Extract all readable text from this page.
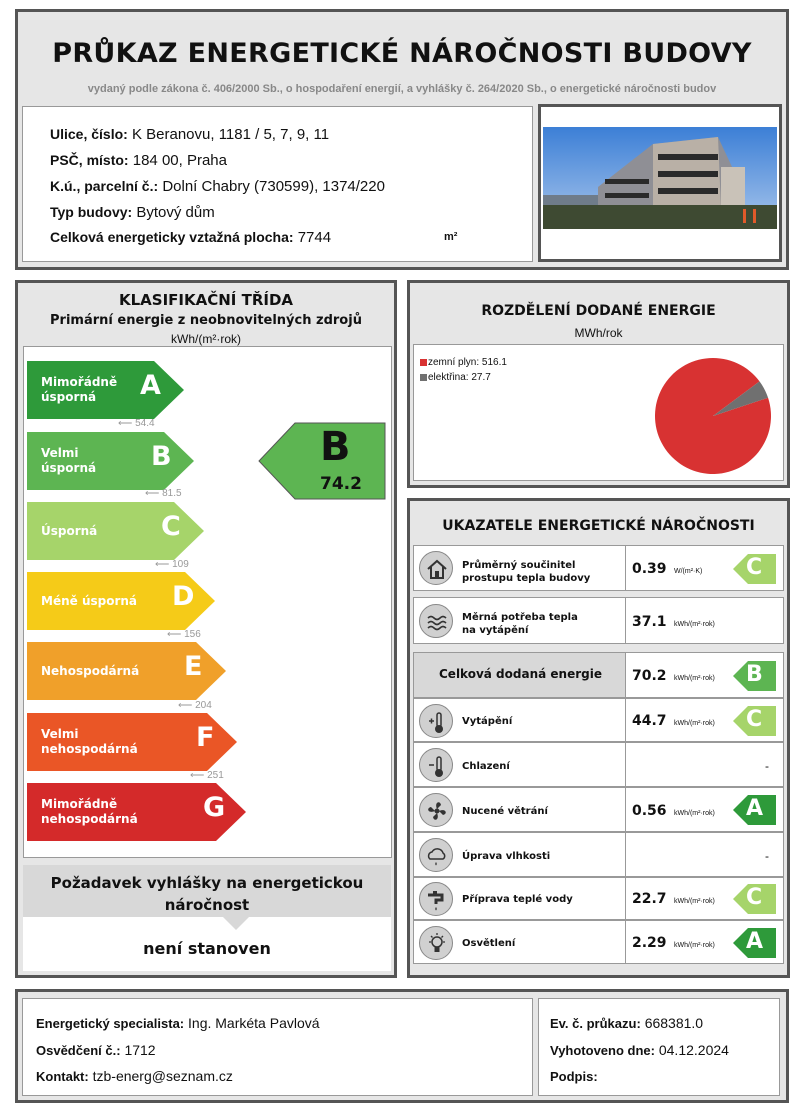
PRŮKAZ ENERGETICKÉ NÁROČNOSTI BUDOVY
vydaný podle zákona č. 406/2000 Sb., o hospodaření energií, a vyhlášky č. 264/2020 Sb., o energetické náročnosti budov
Ulice, číslo: K Beranovu, 1181 / 5, 7, 9, 11
PSČ, místo: 184 00, Praha
K.ú., parcelní č.: Dolní Chabry (730599), 1374/220
Typ budovy: Bytový dům
Celková energeticky vztažná plocha: 7744	m²
KLASIFIKAČNÍ TŘÍDA
Primární energie z neobnovitelných zdrojů
kWh/(m²·rok)
Mimořádně
úsporná	A
Velmi
úsporná B
Úsporná C
Méně úsporná D
Nehospodárná E
Velmi
nehospodárná F
Mimořádně
nehospodárná G
⟵ 54.4
⟵ 81.5
⟵ 109
⟵ 156
⟵ 204
⟵ 251
B
74.2
Požadavek vyhlášky na energetickou náročnost
není stanoven
ROZDĚLENÍ DODANÉ ENERGIE
MWh/rok
zemní plyn: 516.1
elektřina: 27.7
UKAZATELE ENERGETICKÉ NÁROČNOSTI
Průměrný součinitel
prostupu tepla budovy
0.39 W/(m²·K) C
Měrná potřeba tepla
na vytápění
37.1 kWh/(m²·rok)
Celková dodaná energie	70.2 kWh/(m²·rok) B
Vytápění	44.7 kWh/(m²·rok) C
Chlazení	-
Nucené větrání	0.56 kWh/(m²·rok) A
Úprava vlhkosti	-
Příprava teplé vody	22.7 kWh/(m²·rok) C
Osvětlení	2.29 kWh/(m²·rok) A
Energetický specialista: Ing. Markéta Pavlová
Osvědčení č.: 1712
Kontakt: tzb-energ@seznam.cz
Ev. č. průkazu: 668381.0
Vyhotoveno dne: 04.12.2024
Podpis:
